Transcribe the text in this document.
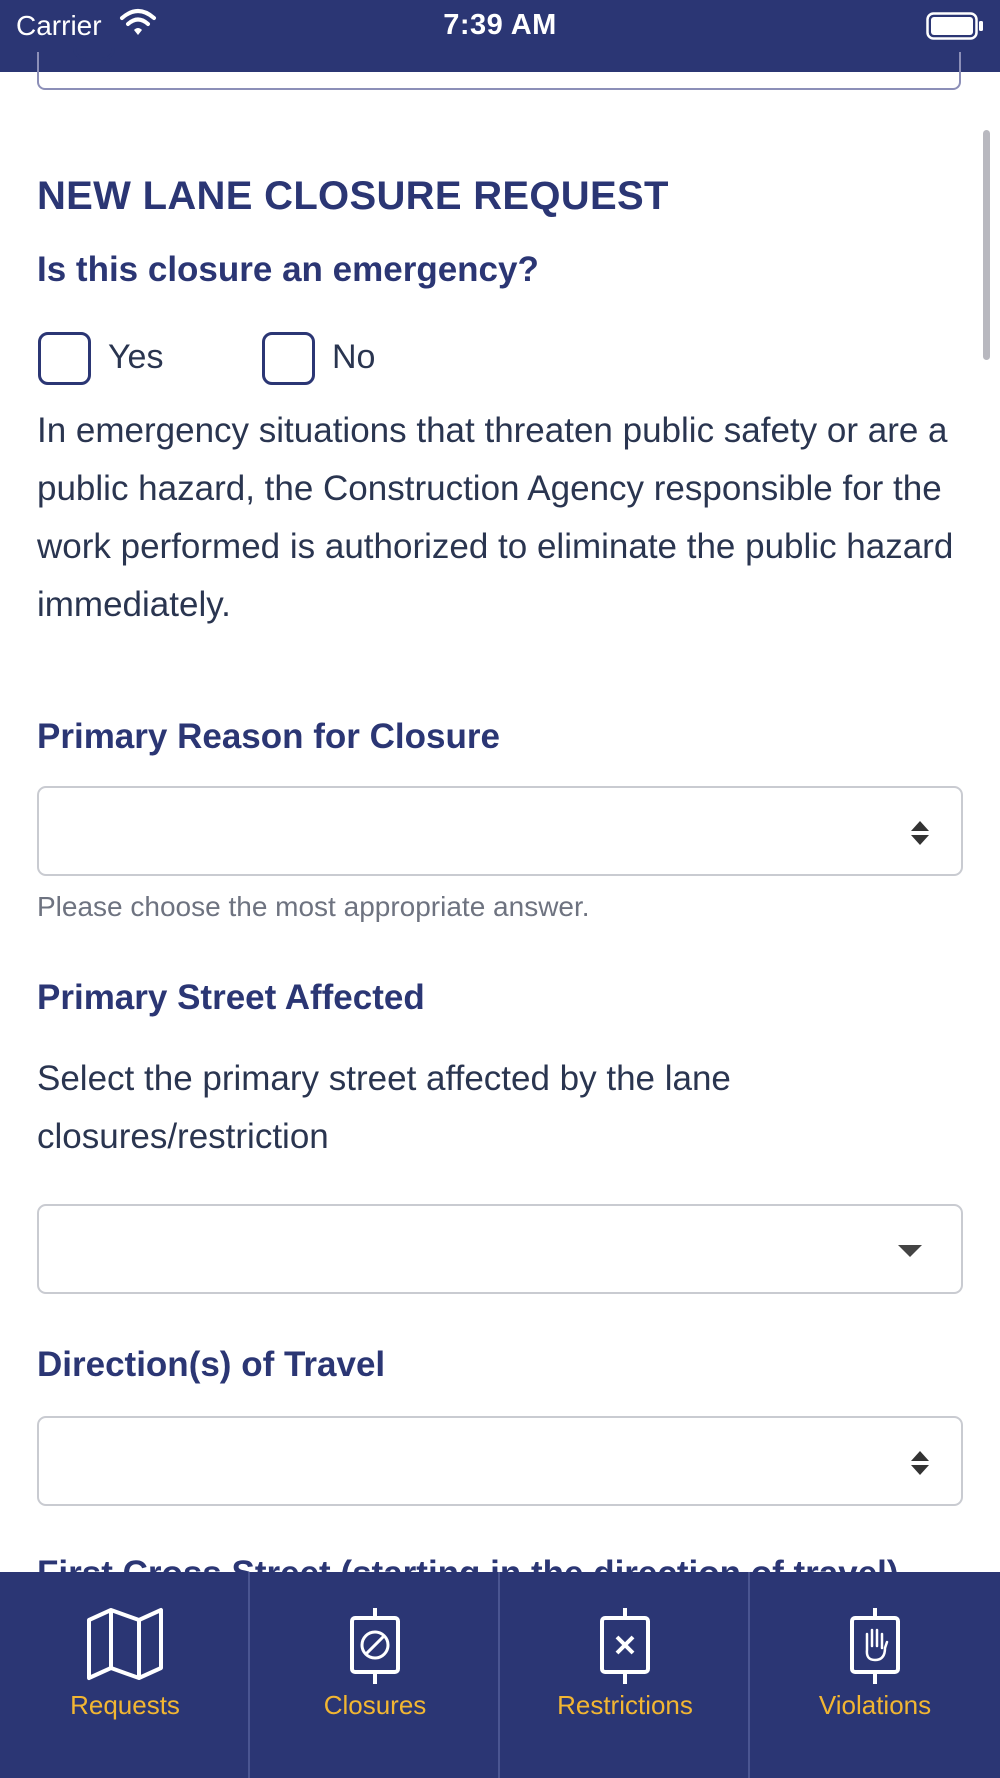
Carrier	7:39 AM
NEW LANE CLOSURE REQUEST
Is this closure an emergency?
Yes	No
In emergency situations that threaten public safety or are a public hazard, the Construction Agency responsible for the work performed is authorized to eliminate the public hazard immediately.
Primary Reason for Closure
Please choose the most appropriate answer.
Primary Street Affected
Select the primary street affected by the lane closures/restriction
Direction(s) of Travel
Requests	Closures	Restrictions	Violations
